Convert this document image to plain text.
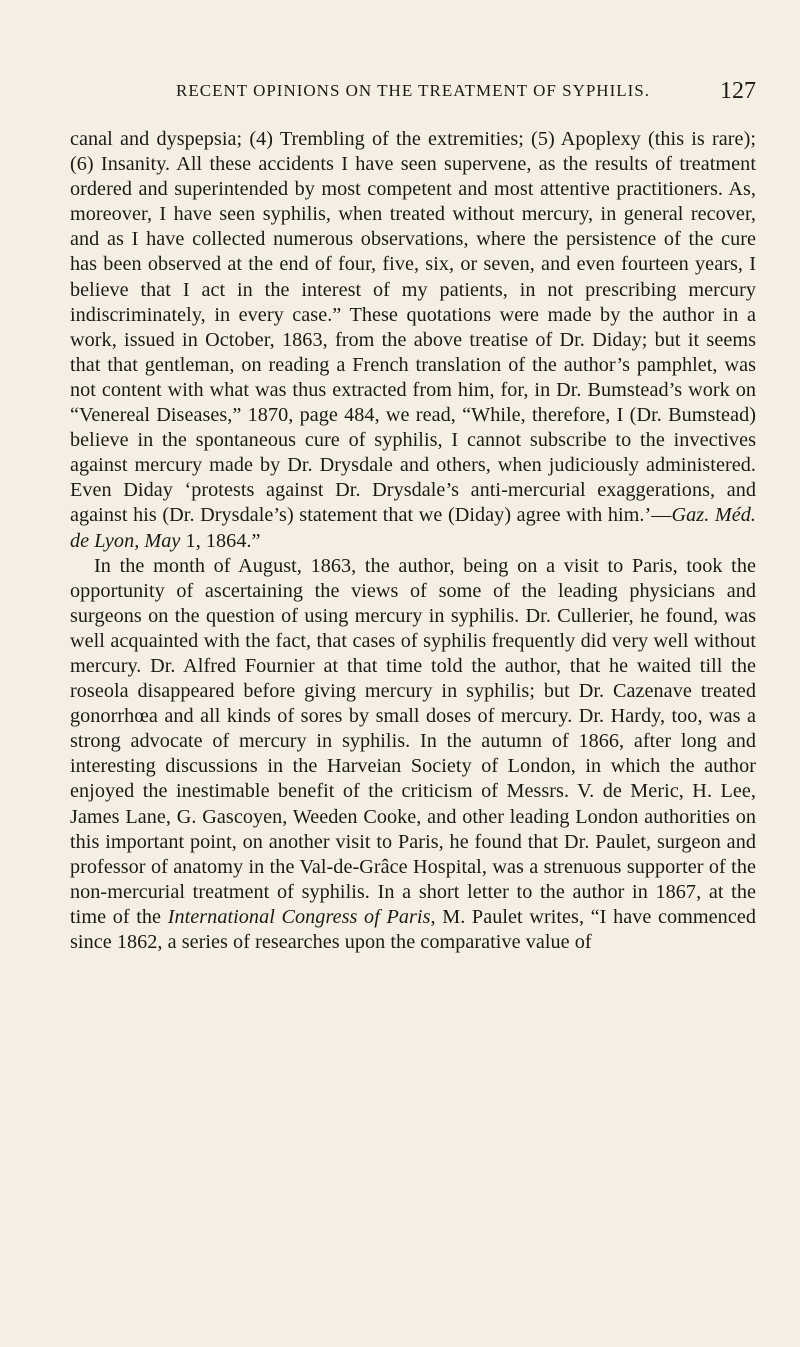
RECENT OPINIONS ON THE TREATMENT OF SYPHILIS.	127

canal and dyspepsia; (4) Trembling of the extremities; (5) Apoplexy (this is rare); (6) Insanity. All these accidents I have seen supervene, as the results of treatment ordered and superintended by most competent and most attentive practitioners. As, moreover, I have seen syphilis, when treated without mercury, in general recover, and as I have collected numerous observations, where the persistence of the cure has been observed at the end of four, five, six, or seven, and even fourteen years, I believe that I act in the interest of my patients, in not prescribing mercury indiscriminately, in every case.” These quotations were made by the author in a work, issued in October, 1863, from the above treatise of Dr. Diday; but it seems that that gentleman, on reading a French translation of the author’s pamphlet, was not content with what was thus extracted from him, for, in Dr. Bumstead’s work on “Venereal Diseases,” 1870, page 484, we read, “While, therefore, I (Dr. Bumstead) believe in the spontaneous cure of syphilis, I cannot subscribe to the invectives against mercury made by Dr. Drysdale and others, when judiciously administered. Even Diday ‘protests against Dr. Drysdale’s anti-mercurial exaggerations, and against his (Dr. Drysdale’s) statement that we (Diday) agree with him.’—Gaz. Méd. de Lyon, May 1, 1864.”

In the month of August, 1863, the author, being on a visit to Paris, took the opportunity of ascertaining the views of some of the leading physicians and surgeons on the question of using mercury in syphilis. Dr. Cullerier, he found, was well acquainted with the fact, that cases of syphilis frequently did very well without mercury. Dr. Alfred Fournier at that time told the author, that he waited till the roseola disappeared before giving mercury in syphilis; but Dr. Cazenave treated gonorrhœa and all kinds of sores by small doses of mercury. Dr. Hardy, too, was a strong advocate of mercury in syphilis. In the autumn of 1866, after long and interesting discussions in the Harveian Society of London, in which the author enjoyed the inestimable benefit of the criticism of Messrs. V. de Meric, H. Lee, James Lane, G. Gascoyen, Weeden Cooke, and other leading London authorities on this important point, on another visit to Paris, he found that Dr. Paulet, surgeon and professor of anatomy in the Val-de-Grâce Hospital, was a strenuous supporter of the non-mercurial treatment of syphilis. In a short letter to the author in 1867, at the time of the International Congress of Paris, M. Paulet writes, “I have commenced since 1862, a series of researches upon the comparative value of
